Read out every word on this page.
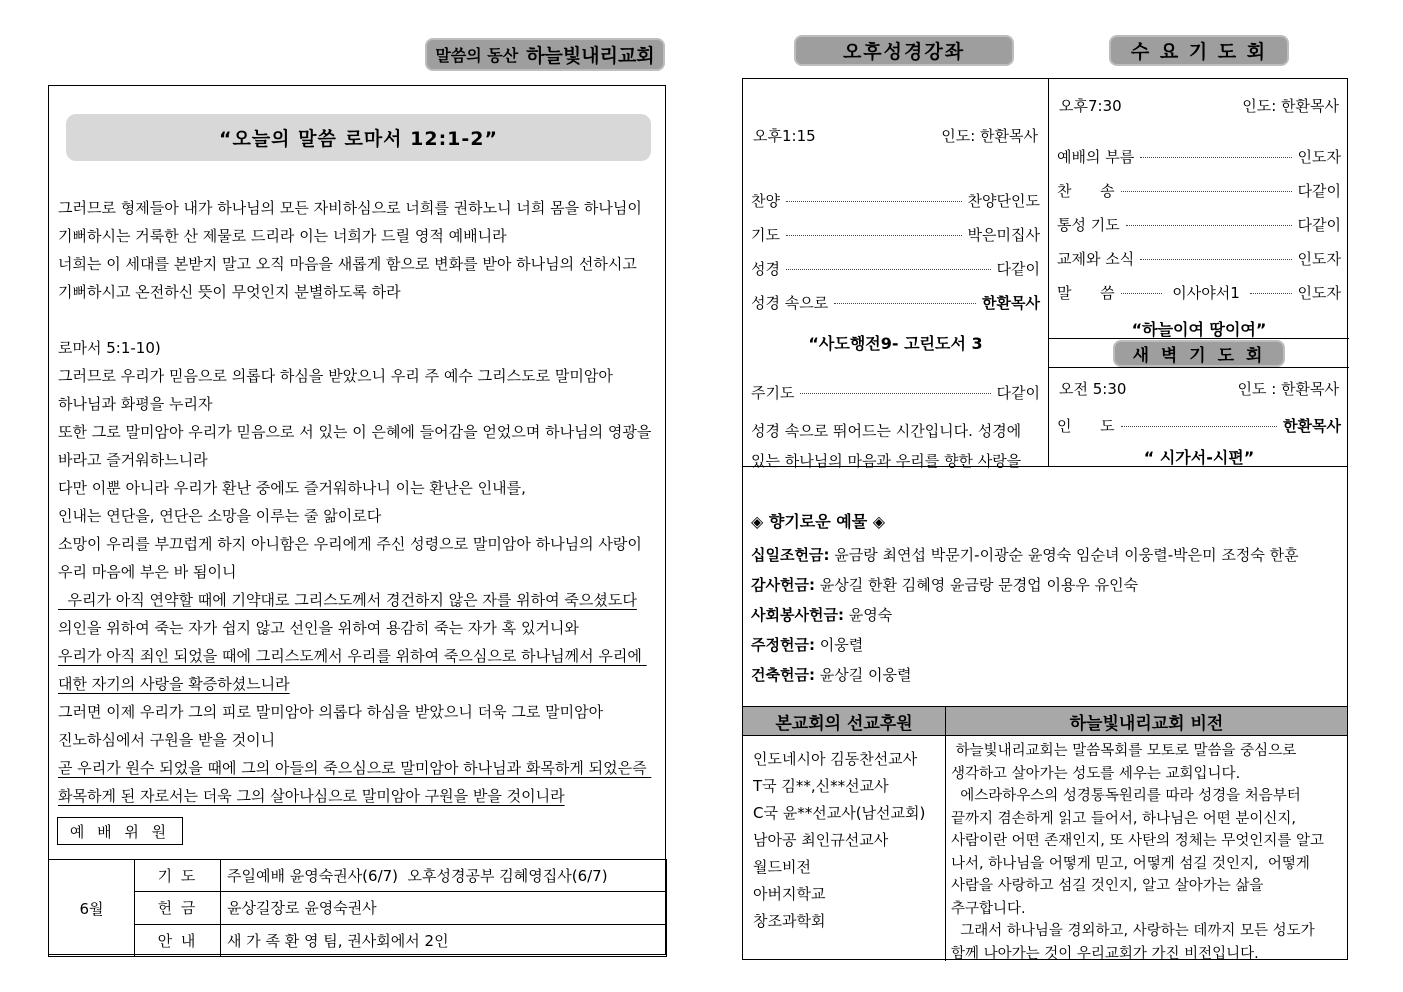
말씀의 동산 하늘빛내리교회
“오늘의 말씀 로마서 12:1-2”
그러므로 형제들아 내가 하나님의 모든 자비하심으로 너희를 권하노니 너희 몸을 하나님이 기뻐하시는 거룩한 산 제물로 드리라 이는 너희가 드릴 영적 예배니라
너희는 이 세대를 본받지 말고 오직 마음을 새롭게 함으로 변화를 받아 하나님의 선하시고 기뻐하시고 온전하신 뜻이 무엇인지 분별하도록 하라
로마서 5:1-10)
그러므로 우리가 믿음으로 의롭다 하심을 받았으니 우리 주 예수 그리스도로 말미암아 하나님과 화평을 누리자
또한 그로 말미암아 우리가 믿음으로 서 있는 이 은혜에 들어감을 얻었으며 하나님의 영광을 바라고 즐거워하느니라
다만 이뿐 아니라 우리가 환난 중에도 즐거워하나니 이는 환난은 인내를,
인내는 연단을, 연단은 소망을 이루는 줄 앎이로다
소망이 우리를 부끄럽게 하지 아니함은 우리에게 주신 성령으로 말미암아 하나님의 사랑이 우리 마음에 부은 바 됨이니
우리가 아직 연약할 때에 기약대로 그리스도께서 경건하지 않은 자를 위하여 죽으셨도다
의인을 위하여 죽는 자가 쉽지 않고 선인을 위하여 용감히 죽는 자가 혹 있거니와
우리가 아직 죄인 되었을 때에 그리스도께서 우리를 위하여 죽으심으로 하나님께서 우리에 대한 자기의 사랑을 확증하셨느니라
그러면 이제 우리가 그의 피로 말미암아 의롭다 하심을 받았으니 더욱 그로 말미암아 진노하심에서 구원을 받을 것이니
곧 우리가 원수 되었을 때에 그의 아들의 죽으심으로 말미암아 하나님과 화목하게 되었은즉 화목하게 된 자로서는 더욱 그의 살아나심으로 말미암아 구원을 받을 것이니라
예 배 위 원
6월	기 도	주일예배 윤영숙권사(6/7)  오후성경공부 김혜영집사(6/7)
	헌 금	윤상길장로 윤영숙권사
	안 내	새 가 족 환 영 팀, 권사회에서 2인
오후성경강좌	수 요 기 도 회
오후1:15	인도: 한환목사
찬양	찬양단인도
기도	박은미집사
성경	다같이
성경 속으로	한환목사
“사도행전9- 고린도서 3
주기도	다같이
성경 속으로 뛰어드는 시간입니다. 성경에 있는 하나님의 마음과 우리를 향한 사랑을
오후7:30	인도: 한환목사
예배의 부름	인도자
찬      송	다같이
통성 기도	다같이
교제와 소식	인도자
말      씀	이사야서1	인도자
“하늘이여 땅이여”
새 벽 기 도 회
오전 5:30	인도 : 한환목사
인      도	한환목사
“ 시가서-시편”
◈ 향기로운 예물 ◈
십일조헌금: 윤금랑 최연섭 박문기-이광순 윤영숙 임순녀 이웅렬-박은미 조정숙 한훈
감사헌금: 윤상길 한환 김혜영 윤금랑 문경업 이용우 유인숙
사회봉사헌금: 윤영숙
주정헌금: 이웅렬
건축헌금: 윤상길 이웅렬
본교회의 선교후원	하늘빛내리교회 비전
인도네시아 김동찬선교사
T국 김**,신**선교사
C국 윤**선교사(남선교회)
남아공 최인규선교사
월드비전
아버지학교
창조과학회
하늘빛내리교회는 말씀목회를 모토로 말씀을 중심으로 생각하고 살아가는 성도를 세우는 교회입니다.
에스라하우스의 성경통독원리를 따라 성경을 처음부터 끝까지 겸손하게 읽고 들어서, 하나님은 어떤 분이신지, 사람이란 어떤 존재인지, 또 사탄의 정체는 무엇인지를 알고 나서, 하나님을 어떻게 믿고, 어떻게 섬길 것인지,  어떻게 사람을 사랑하고 섬길 것인지, 알고 살아가는 삶을 추구합니다.
그래서 하나님을 경외하고, 사랑하는 데까지 모든 성도가 함께 나아가는 것이 우리교회가 가진 비전입니다.
